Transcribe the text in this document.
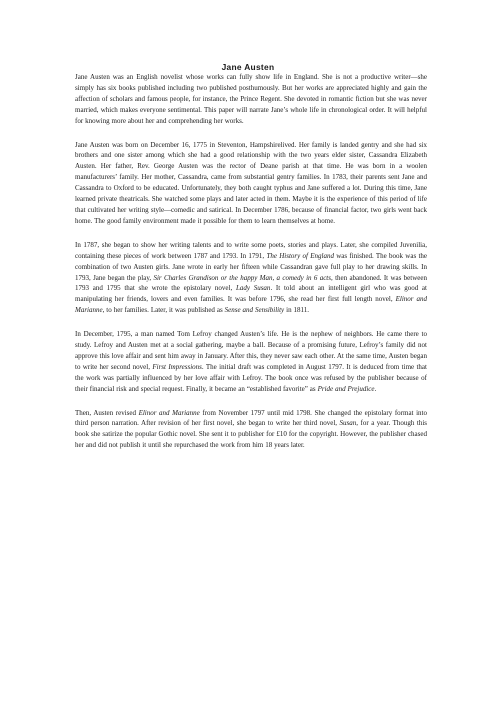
Jane Austen

Jane Austen was an English novelist whose works can fully show life in England. She is not a productive writer—she simply has six books published including two published posthumously. But her works are appreciated highly and gain the affection of scholars and famous people, for instance, the Prince Regent. She devoted in romantic fiction but she was never married, which makes everyone sentimental. This paper will narrate Jane’s whole life in chronological order. It will helpful for knowing more about her and comprehending her works.

Jane Austen was born on December 16, 1775 in Steventon, Hampshirelived. Her family is landed gentry and she had six brothers and one sister among which she had a good relationship with the two years elder sister, Cassandra Elizabeth Austen. Her father, Rev. George Austen was the rector of Deane parish at that time. He was born in a woolen manufacturers’ family. Her mother, Cassandra, came from substantial gentry families. In 1783, their parents sent Jane and Cassandra to Oxford to be educated. Unfortunately, they both caught typhus and Jane suffered a lot. During this time, Jane learned private theatricals. She watched some plays and later acted in them. Maybe it is the experience of this period of life that cultivated her writing style—comedic and satirical. In December 1786, because of financial factor, two girls went back home. The good family environment made it possible for them to learn themselves at home.

In 1787, she began to show her writing talents and to write some poets, stories and plays. Later, she compiled Juvenilia, containing these pieces of work between 1787 and 1793. In 1791, The History of England was finished. The book was the combination of two Austen girls. Jane wrote in early her fifteen while Cassandran gave full play to her drawing skills. In 1793, Jane began the play, Sir Charles Grandison or the happy Man, a comedy in 6 acts, then abandoned. It was between 1793 and 1795 that she wrote the epistolary novel, Lady Susan. It told about an intelligent girl who was good at manipulating her friends, lovers and even families. It was before 1796, she read her first full length novel, Elinor and Marianne, to her families. Later, it was published as Sense and Sensibility in 1811.

In December, 1795, a man named Tom Lefroy changed Austen’s life. He is the nephew of neighbors. He came there to study. Lefroy and Austen met at a social gathering, maybe a ball. Because of a promising future, Lefroy’s family did not approve this love affair and sent him away in January. After this, they never saw each other. At the same time, Austen began to write her second novel, First Impressions. The initial draft was completed in August 1797. It is deduced from time that the work was partially influenced by her love affair with Lefroy. The book once was refused by the publisher because of their financial risk and special request. Finally, it became an “established favorite” as Pride and Prejudice.

Then, Austen revised Elinor and Marianne from November 1797 until mid 1798. She changed the epistolary format into third person narration. After revision of her first novel, she began to write her third novel, Susan, for a year. Though this book she satirize the popular Gothic novel. She sent it to publisher for £10 for the copyright. However, the publisher chased her and did not publish it until she repurchased the work from him 18 years later.
